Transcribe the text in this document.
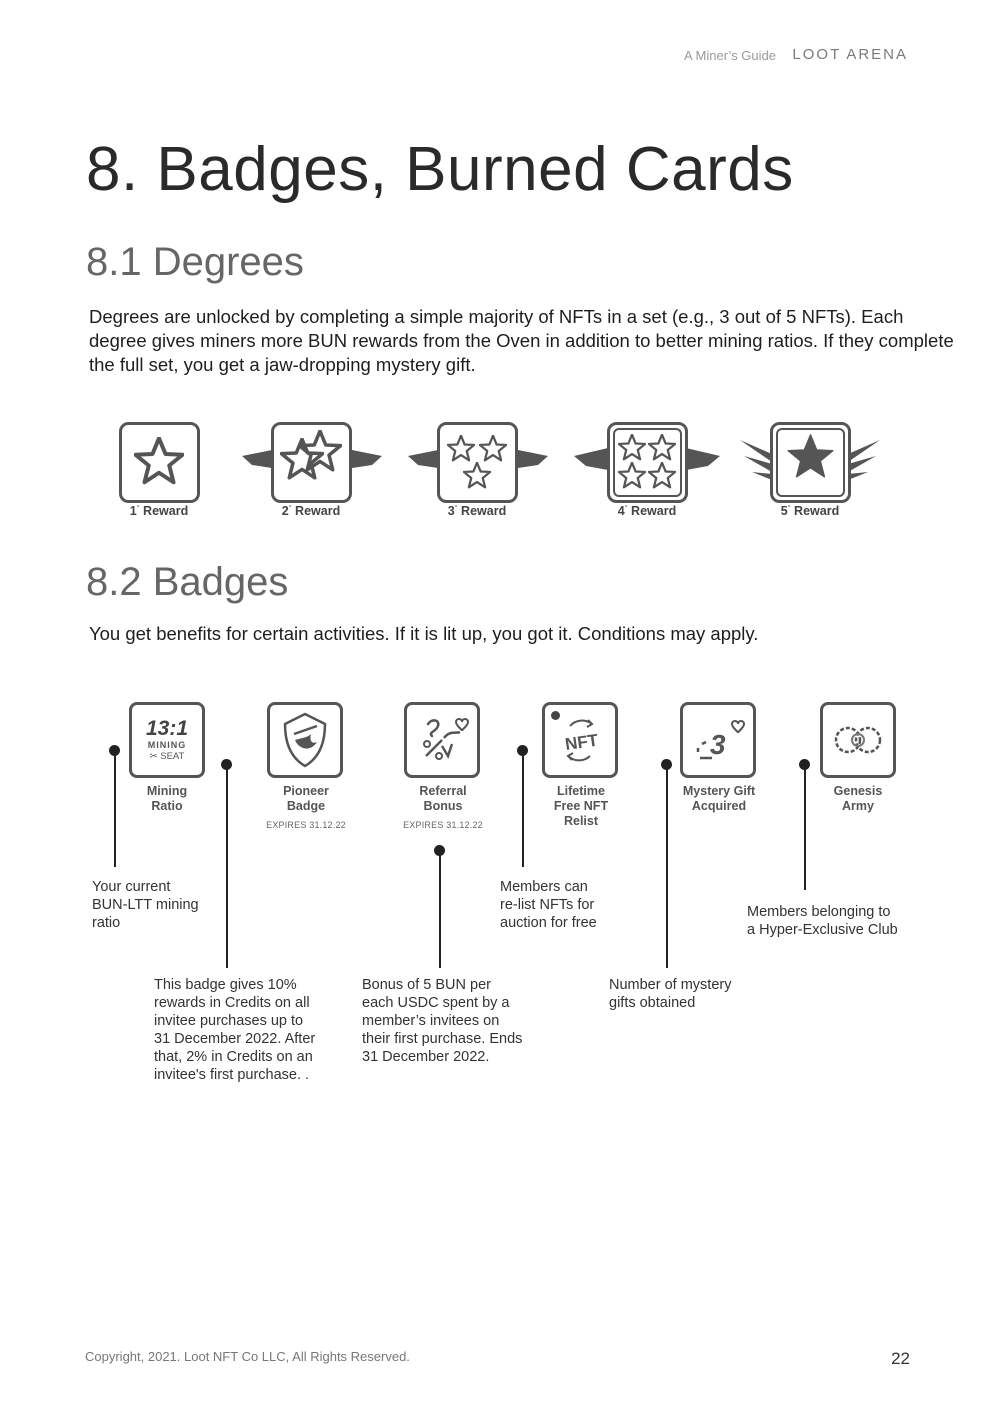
A Miner’s Guide LOOT ARENA
8. Badges, Burned Cards
8.1 Degrees
Degrees are unlocked by completing a simple majority of NFTs in a set (e.g., 3 out of 5 NFTs). Each degree gives miners more BUN rewards from the Oven in addition to better mining ratios. If they complete the full set, you get a jaw-dropping mystery gift.
1° Reward	2° Reward	3° Reward	4° Reward	5° Reward
8.2 Badges
You get benefits for certain activities. If it is lit up, you got it. Conditions may apply.
13:1
MINING
✂ SEAT
NFT	3
Mining
Ratio
Pioneer
Badge
EXPIRES 31.12.22
Referral
Bonus
EXPIRES 31.12.22
Lifetime
Free NFT
Relist
Mystery Gift
Acquired
Genesis
Army
Your current
BUN-LTT mining
ratio
This badge gives 10%
rewards in Credits on all
invitee purchases up to
31 December 2022. After
that, 2% in Credits on an
invitee's first purchase. .
Bonus of 5 BUN per
each USDC spent by a
member’s invitees on
their first purchase. Ends
31 December 2022.
Members can
re-list NFTs for
auction for free
Number of mystery
gifts obtained
Members belonging to
a Hyper-Exclusive Club
Copyright, 2021. Loot NFT Co LLC, All Rights Reserved.	22
